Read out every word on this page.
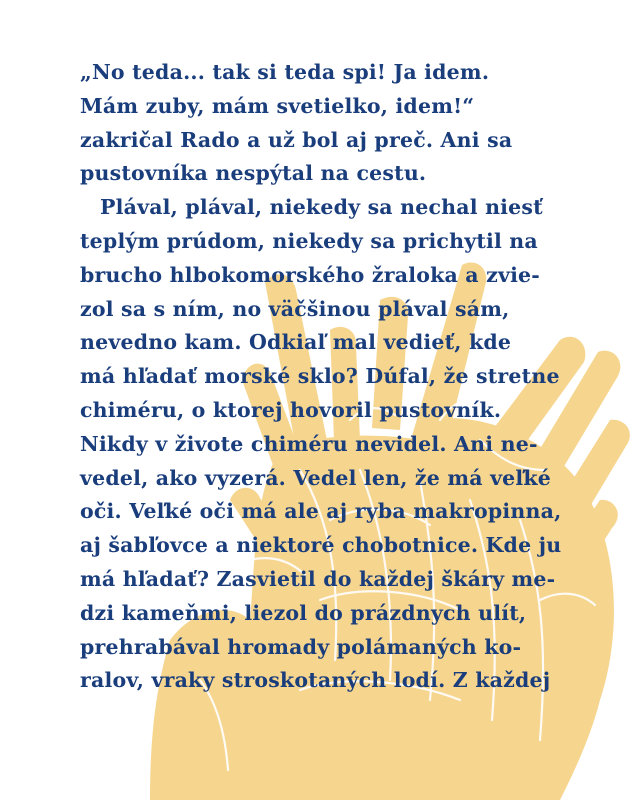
„No teda... tak si teda spi! Ja idem.
Mám zuby, mám svetielko, idem!“
zakričal Rado a už bol aj preč. Ani sa
pustovníka nespýtal na cestu.
Plával, plával, niekedy sa nechal niesť
teplým prúdom, niekedy sa prichytil na
brucho hlbokomorského žraloka a zvie-
zol sa s ním, no väčšinou plával sám,
nevedno kam. Odkiaľ mal vedieť, kde
má hľadať morské sklo? Dúfal, že stretne
chiméru, o ktorej hovoril pustovník.
Nikdy v živote chiméru nevidel. Ani ne-
vedel, ako vyzerá. Vedel len, že má veľké
oči. Veľké oči má ale aj ryba makropinna,
aj šabľovce a niektoré chobotnice. Kde ju
má hľadať? Zasvietil do každej škáry me-
dzi kameňmi, liezol do prázdnych ulít,
prehrabával hromady polámaných ko-
ralov, vraky stroskotaných lodí. Z každej
